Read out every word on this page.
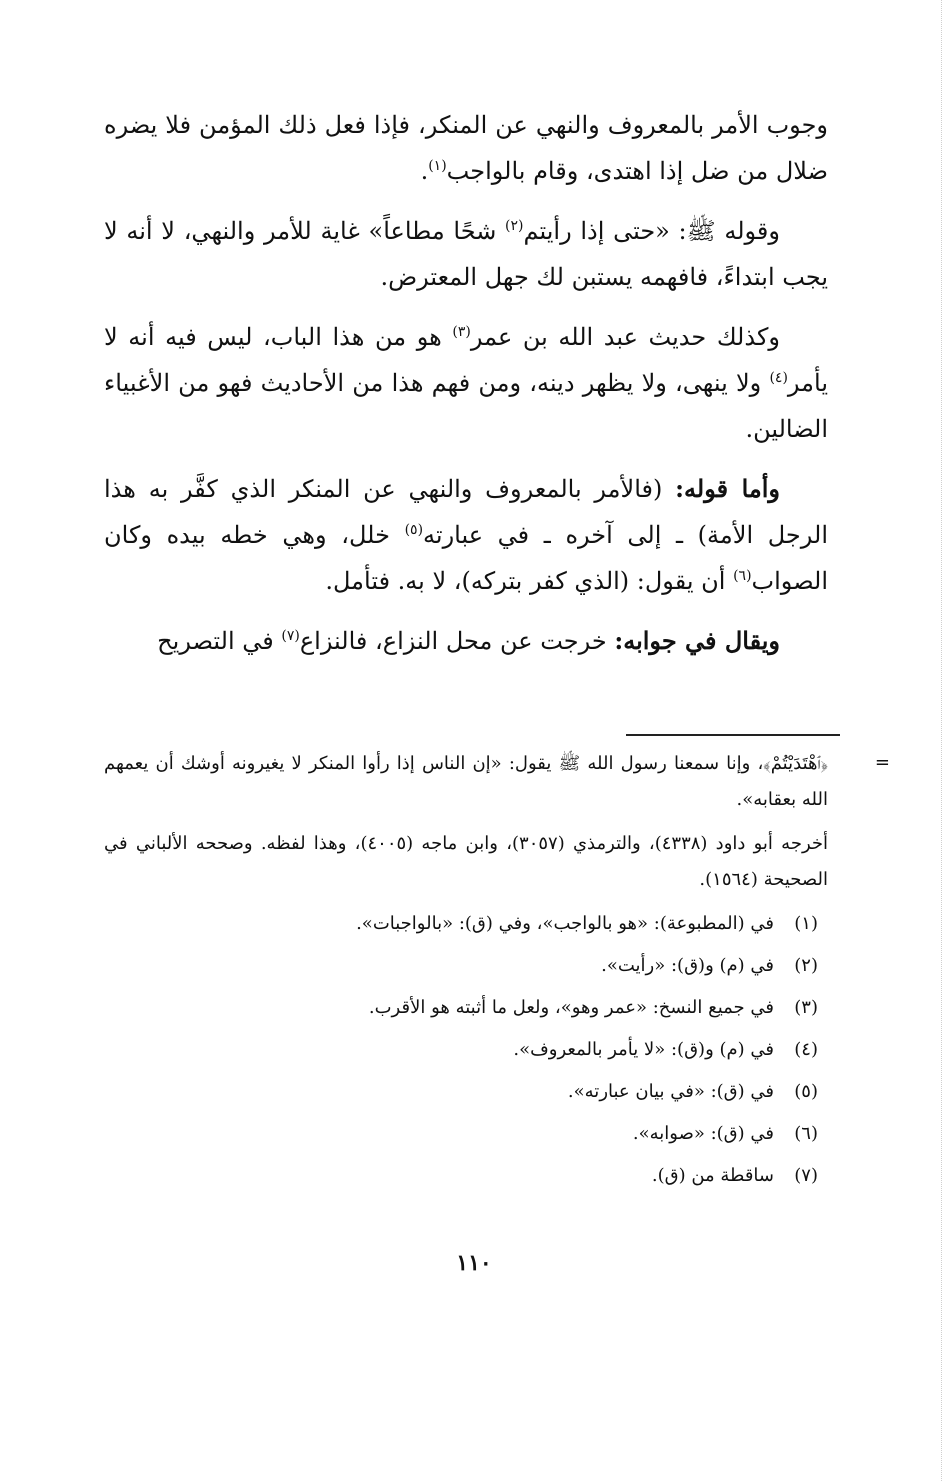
وجوب الأمر بالمعروف والنهي عن المنكر، فإذا فعل ذلك المؤمن فلا يضره ضلال من ضل إذا اهتدى، وقام بالواجب$^{(١)}$.

وقوله ﷺ: «حتى إذا رأيتم$^{(٢)}$ شحًا مطاعاً» غاية للأمر والنهي، لا أنه لا يجب ابتداءً، فافهمه يستبن لك جهل المعترض.

وكذلك حديث عبد الله بن عمر$^{(٣)}$ هو من هذا الباب، ليس فيه أنه لا يأمر$^{(٤)}$ ولا ينهى، ولا يظهر دينه، ومن فهم هذا من الأحاديث فهو من الأغبياء الضالين.

وأما قوله: (فالأمر بالمعروف والنهي عن المنكر الذي كفَّر به هذا الرجل الأمة) ـ إلى آخره ـ في عبارته$^{(٥)}$ خلل، وهي خطه بيده وكان الصواب$^{(٦)}$ أن يقول: (الذي كفر بتركه)، لا به. فتأمل.

ويقال في جوابه: خرجت عن محل النزاع، فالنزاع$^{(٧)}$ في التصريح

=

﴿ٱهْتَدَيْتُمْ﴾، وإنا سمعنا رسول الله ﷺ يقول: «إن الناس إذا رأوا المنكر لا يغيرونه أوشك أن يعمهم الله بعقابه».

أخرجه أبو داود (٤٣٣٨)، والترمذي (٣٠٥٧)، وابن ماجه (٤٠٠٥)، وهذا لفظه. وصححه الألباني في الصحيحة (١٥٦٤).

(١)في (المطبوعة): «هو بالواجب»، وفي (ق): «بالواجبات».
(٢)في (م) و(ق): «رأيت».
(٣)في جميع النسخ: «عمر وهو»، ولعل ما أثبته هو الأقرب.
(٤)في (م) و(ق): «لا يأمر بالمعروف».
(٥)في (ق): «في بيان عبارته».
(٦)في (ق): «صوابه».
(٧)ساقطة من (ق).
١١٠
